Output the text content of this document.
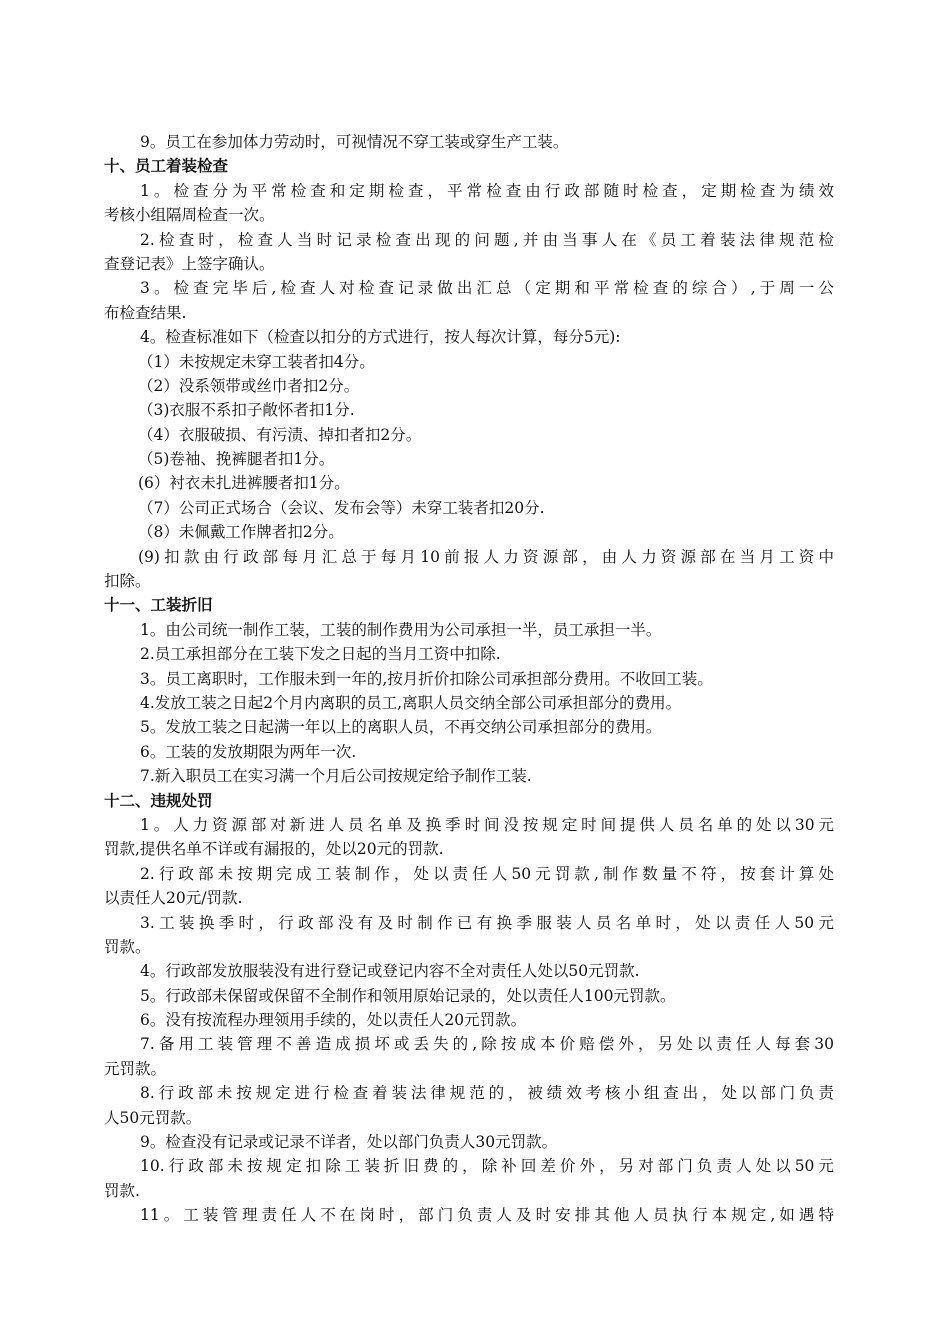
9。员工在参加体力劳动时，可视情况不穿工装或穿生产工装。
十、员工着装检查
1。检查分为平常检查和定期检查，平常检查由行政部随时检查，定期检查为绩效
考核小组隔周检查一次。
2.检查时，检查人当时记录检查出现的问题,并由当事人在《员工着装法律规范检
查登记表》上签字确认。
3。检查完毕后,检查人对检查记录做出汇总（定期和平常检查的综合）,于周一公
布检查结果.
4。检查标准如下（检查以扣分的方式进行，按人每次计算，每分5元):
（1）未按规定未穿工装者扣4分。
（2）没系领带或丝巾者扣2分。
（3)衣服不系扣子敞怀者扣1分.
（4）衣服破损、有污渍、掉扣者扣2分。
（5)卷袖、挽裤腿者扣1分。
(6）衬衣未扎进裤腰者扣1分。
（7）公司正式场合（会议、发布会等）未穿工装者扣20分.
（8）未佩戴工作牌者扣2分。
(9)扣款由行政部每月汇总于每月10前报人力资源部，由人力资源部在当月工资中
扣除。
十一、工装折旧
1。由公司统一制作工装，工装的制作费用为公司承担一半，员工承担一半。
2.员工承担部分在工装下发之日起的当月工资中扣除.
3。员工离职时，工作服未到一年的,按月折价扣除公司承担部分费用。不收回工装。
4.发放工装之日起2个月内离职的员工,离职人员交纳全部公司承担部分的费用。
5。发放工装之日起满一年以上的离职人员，不再交纳公司承担部分的费用。
6。工装的发放期限为两年一次.
7.新入职员工在实习满一个月后公司按规定给予制作工装.
十二、违规处罚
1。人力资源部对新进人员名单及换季时间没按规定时间提供人员名单的处以30元
罚款,提供名单不详或有漏报的，处以20元的罚款.
2.行政部未按期完成工装制作，处以责任人50元罚款,制作数量不符，按套计算处
以责任人20元/罚款.
3.工装换季时，行政部没有及时制作已有换季服装人员名单时，处以责任人50元
罚款。
4。行政部发放服装没有进行登记或登记内容不全对责任人处以50元罚款.
5。行政部未保留或保留不全制作和领用原始记录的，处以责任人100元罚款。
6。没有按流程办理领用手续的，处以责任人20元罚款。
7.备用工装管理不善造成损坏或丢失的,除按成本价赔偿外，另处以责任人每套30
元罚款。
8.行政部未按规定进行检查着装法律规范的，被绩效考核小组查出，处以部门负责
人50元罚款。
9。检查没有记录或记录不详者，处以部门负责人30元罚款。
10.行政部未按规定扣除工装折旧费的，除补回差价外，另对部门负责人处以50元
罚款.
11。工装管理责任人不在岗时，部门负责人及时安排其他人员执行本规定,如遇特
